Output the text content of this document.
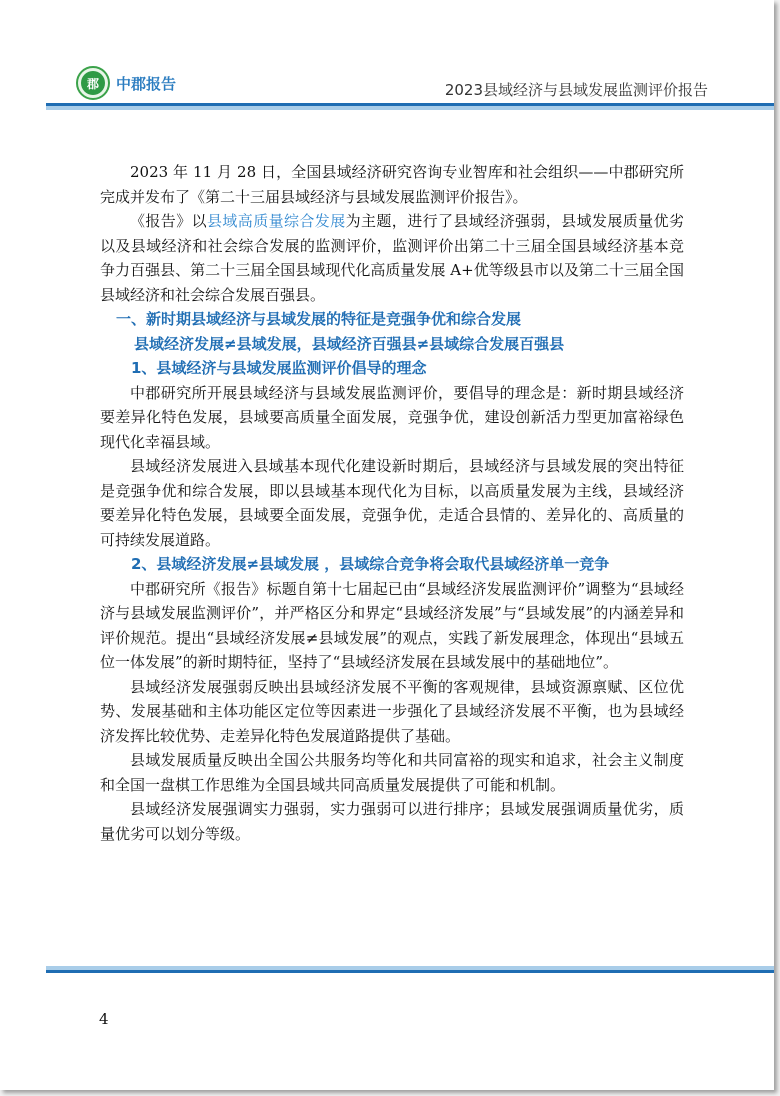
郡	中郡报告	2023县域经济与县域发展监测评价报告

2023 年 11 月 28 日，全国县域经济研究咨询专业智库和社会组织——中郡研究所完成并发布了《第二十三届县域经济与县域发展监测评价报告》。

《报告》以县域高质量综合发展为主题，进行了县域经济强弱，县域发展质量优劣以及县域经济和社会综合发展的监测评价，监测评价出第二十三届全国县域经济基本竞争力百强县、第二十三届全国县域现代化高质量发展 A+优等级县市以及第二十三届全国县域经济和社会综合发展百强县。

一、新时期县域经济与县域发展的特征是竞强争优和综合发展
县域经济发展≠县域发展，县域经济百强县≠县域综合发展百强县
1、县域经济与县域发展监测评价倡导的理念

中郡研究所开展县域经济与县域发展监测评价，要倡导的理念是：新时期县域经济要差异化特色发展，县域要高质量全面发展，竞强争优，建设创新活力型更加富裕绿色现代化幸福县域。

县域经济发展进入县域基本现代化建设新时期后，县域经济与县域发展的突出特征是竞强争优和综合发展，即以县域基本现代化为目标，以高质量发展为主线，县域经济要差异化特色发展，县域要全面发展，竞强争优，走适合县情的、差异化的、高质量的可持续发展道路。

2、县域经济发展≠县域发展 ，县域综合竞争将会取代县域经济单一竞争

中郡研究所《报告》标题自第十七届起已由“县域经济发展监测评价”调整为“县域经济与县域发展监测评价”，并严格区分和界定“县域经济发展”与“县域发展”的内涵差异和评价规范。提出“县域经济发展≠县域发展”的观点，实践了新发展理念，体现出“县域五位一体发展”的新时期特征，坚持了“县域经济发展在县域发展中的基础地位”。

县域经济发展强弱反映出县域经济发展不平衡的客观规律，县域资源禀赋、区位优势、发展基础和主体功能区定位等因素进一步强化了县域经济发展不平衡，也为县域经济发挥比较优势、走差异化特色发展道路提供了基础。

县域发展质量反映出全国公共服务均等化和共同富裕的现实和追求，社会主义制度和全国一盘棋工作思维为全国县域共同高质量发展提供了可能和机制。

县域经济发展强调实力强弱，实力强弱可以进行排序；县域发展强调质量优劣，质量优劣可以划分等级。

4
